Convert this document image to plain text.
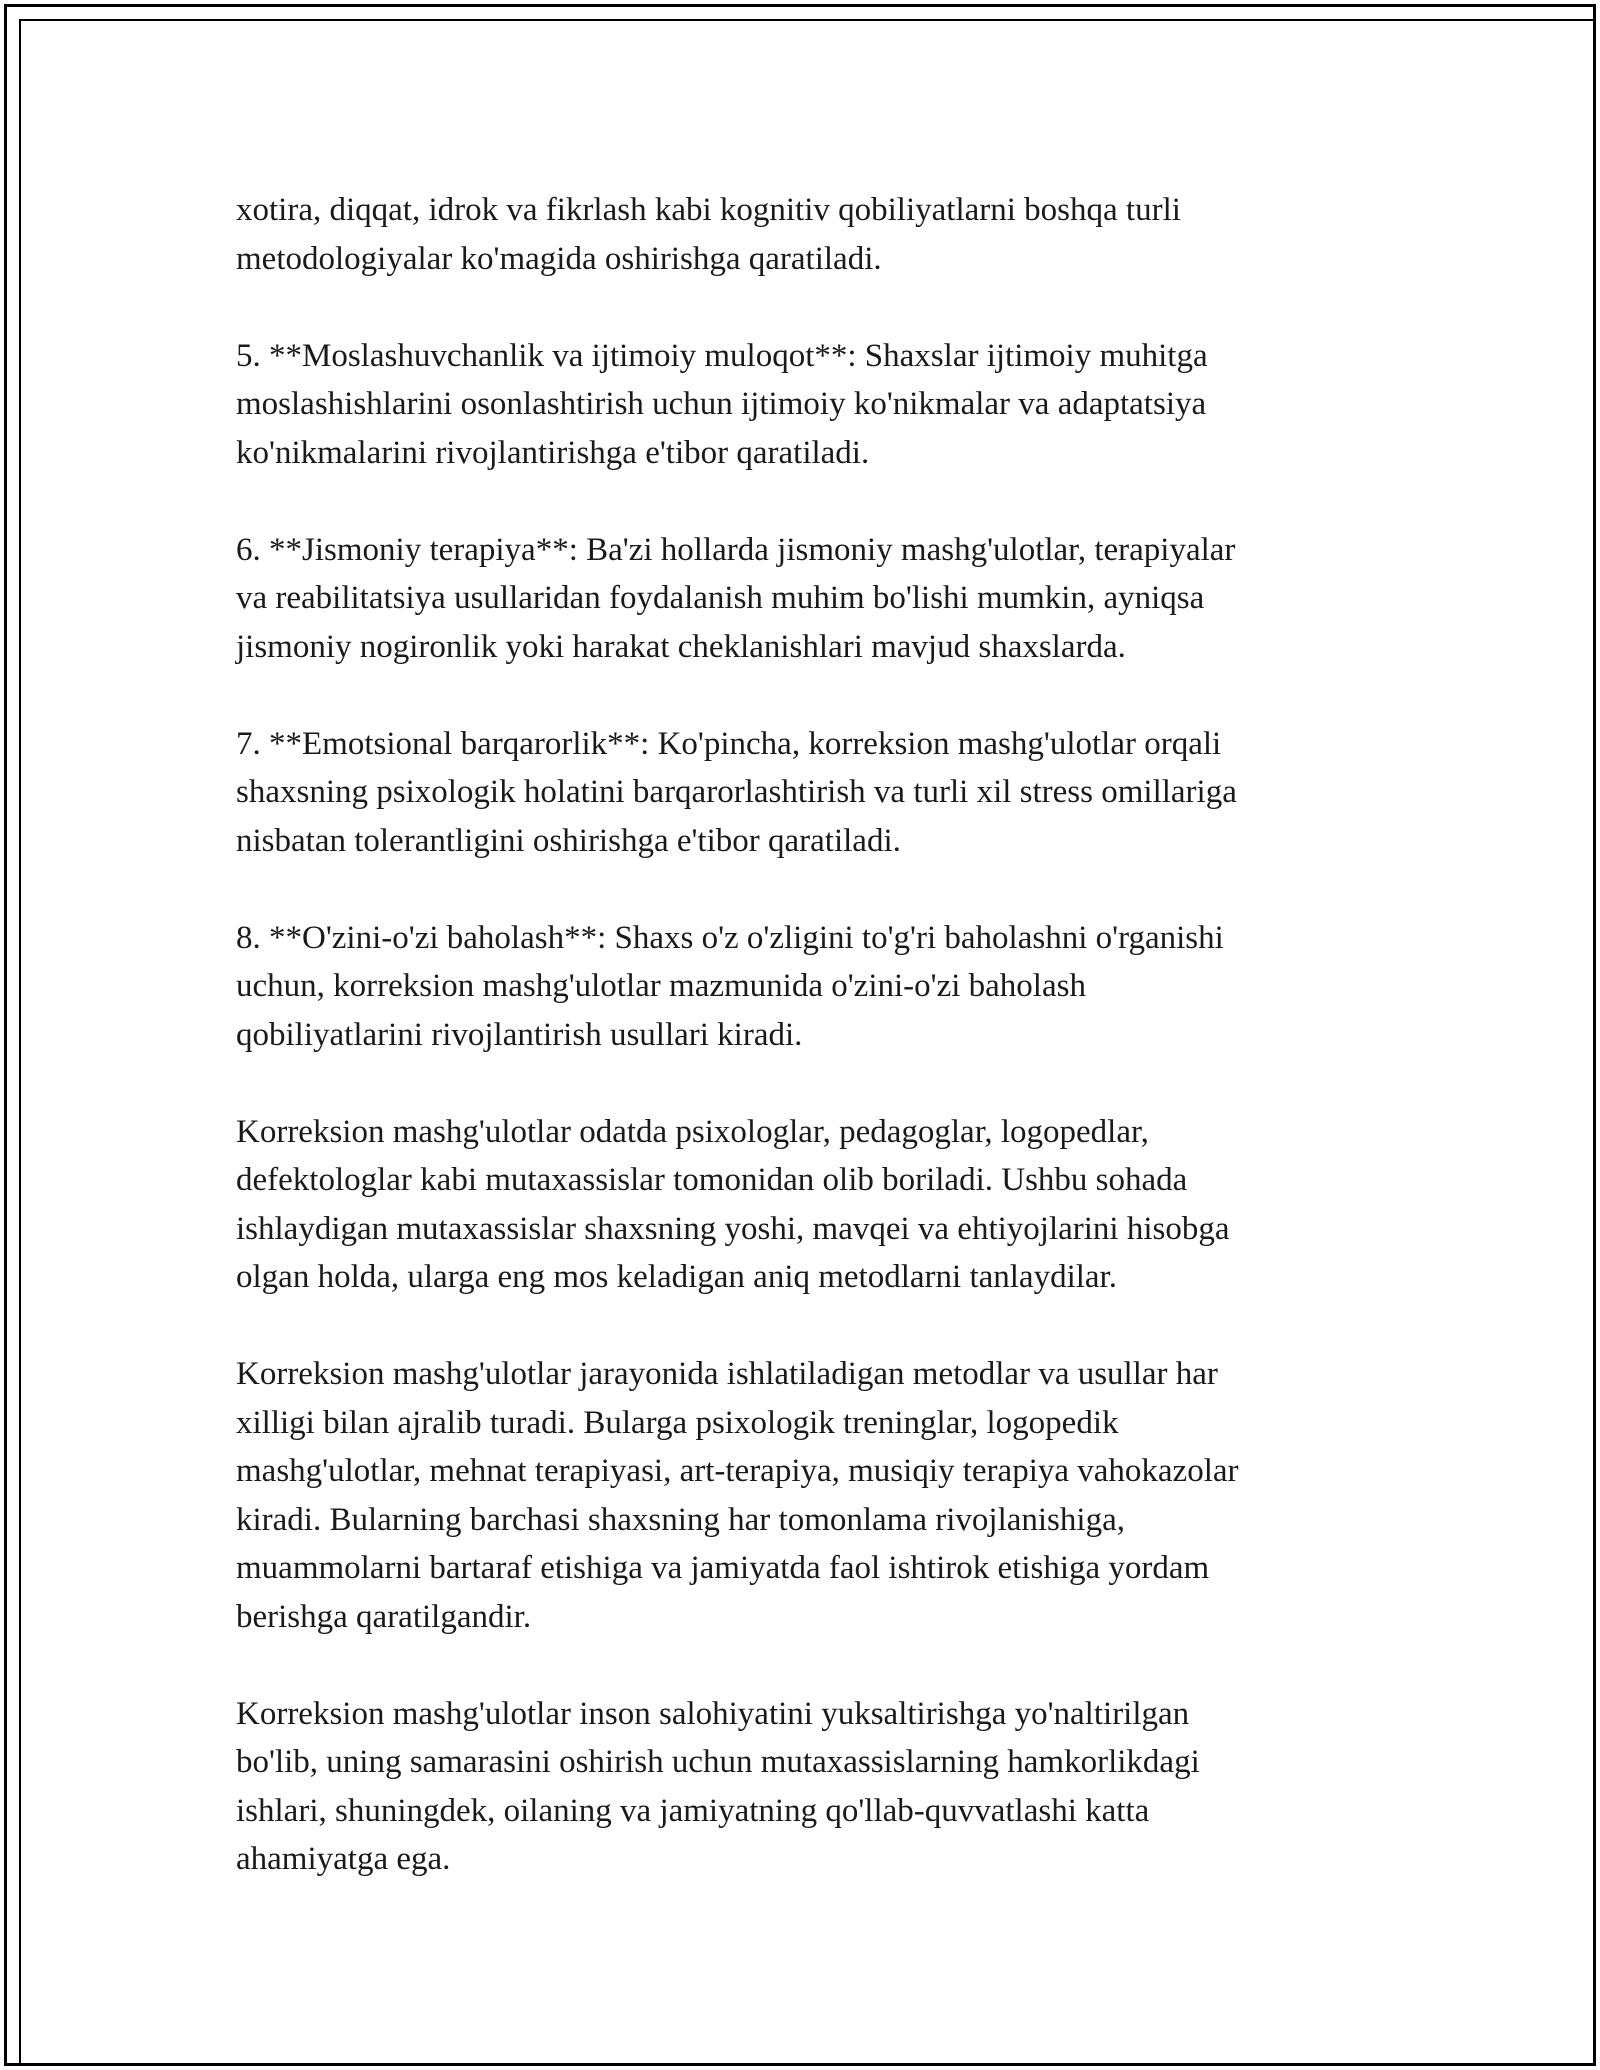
xotira, diqqat, idrok va fikrlash kabi kognitiv qobiliyatlarni boshqa turli
metodologiyalar ko'magida oshirishga qaratiladi.

5. **Moslashuvchanlik va ijtimoiy muloqot**: Shaxslar ijtimoiy muhitga
moslashishlarini osonlashtirish uchun ijtimoiy ko'nikmalar va adaptatsiya
ko'nikmalarini rivojlantirishga e'tibor qaratiladi.

6. **Jismoniy terapiya**: Ba'zi hollarda jismoniy mashg'ulotlar, terapiyalar
va reabilitatsiya usullaridan foydalanish muhim bo'lishi mumkin, ayniqsa
jismoniy nogironlik yoki harakat cheklanishlari mavjud shaxslarda.

7. **Emotsional barqarorlik**: Ko'pincha, korreksion mashg'ulotlar orqali
shaxsning psixologik holatini barqarorlashtirish va turli xil stress omillariga
nisbatan tolerantligini oshirishga e'tibor qaratiladi.

8. **O'zini-o'zi baholash**: Shaxs o'z o'zligini to'g'ri baholashni o'rganishi
uchun, korreksion mashg'ulotlar mazmunida o'zini-o'zi baholash
qobiliyatlarini rivojlantirish usullari kiradi.

Korreksion mashg'ulotlar odatda psixologlar, pedagoglar, logopedlar,
defektologlar kabi mutaxassislar tomonidan olib boriladi. Ushbu sohada
ishlaydigan mutaxassislar shaxsning yoshi, mavqei va ehtiyojlarini hisobga
olgan holda, ularga eng mos keladigan aniq metodlarni tanlaydilar.

Korreksion mashg'ulotlar jarayonida ishlatiladigan metodlar va usullar har
xilligi bilan ajralib turadi. Bularga psixologik treninglar, logopedik
mashg'ulotlar, mehnat terapiyasi, art-terapiya, musiqiy terapiya vahokazolar
kiradi. Bularning barchasi shaxsning har tomonlama rivojlanishiga,
muammolarni bartaraf etishiga va jamiyatda faol ishtirok etishiga yordam
berishga qaratilgandir.

Korreksion mashg'ulotlar inson salohiyatini yuksaltirishga yo'naltirilgan
bo'lib, uning samarasini oshirish uchun mutaxassislarning hamkorlikdagi
ishlari, shuningdek, oilaning va jamiyatning qo'llab-quvvatlashi katta
ahamiyatga ega.
